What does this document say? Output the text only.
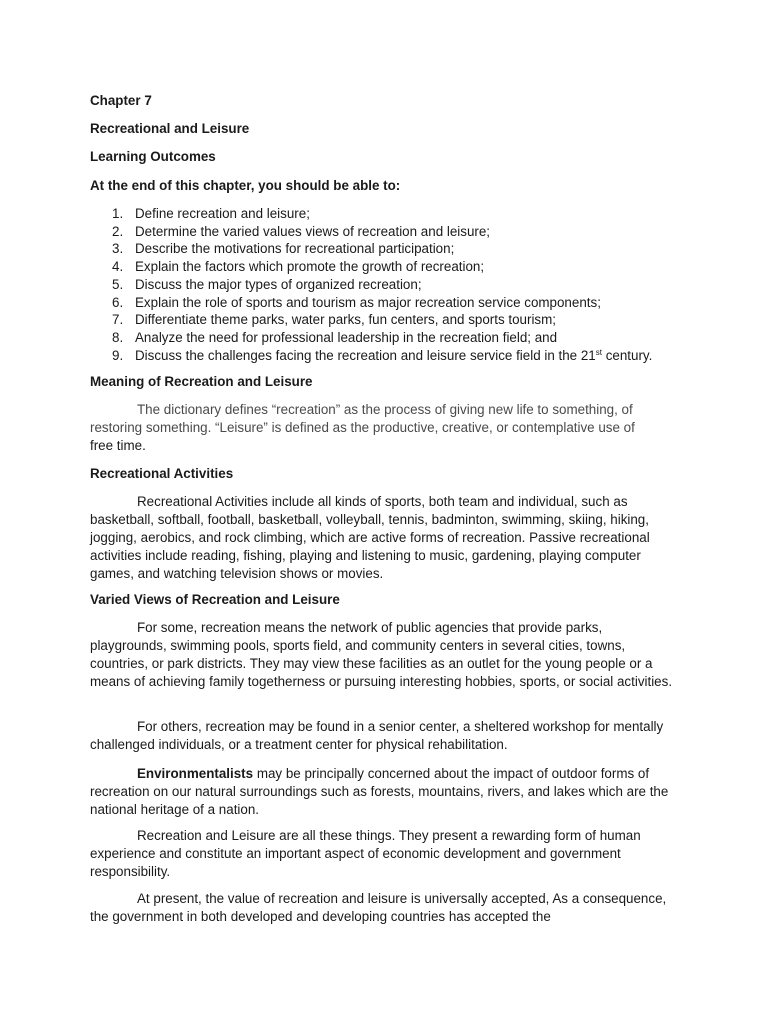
Chapter 7

Recreational and Leisure

Learning Outcomes

At the end of this chapter, you should be able to:

1. Define recreation and leisure;
2. Determine the varied values views of recreation and leisure;
3. Describe the motivations for recreational participation;
4. Explain the factors which promote the growth of recreation;
5. Discuss the major types of organized recreation;
6. Explain the role of sports and tourism as major recreation service components;
7. Differentiate theme parks, water parks, fun centers, and sports tourism;
8. Analyze the need for professional leadership in the recreation field; and
9. Discuss the challenges facing the recreation and leisure service field in the 21st century.

Meaning of Recreation and Leisure

The dictionary defines “recreation” as the process of giving new life to something, of restoring something. “Leisure” is defined as the productive, creative, or contemplative use of

free time.

Recreational Activities

Recreational Activities include all kinds of sports, both team and individual, such as basketball, softball, football, basketball, volleyball, tennis, badminton, swimming, skiing, hiking, jogging, aerobics, and rock climbing, which are active forms of recreation. Passive recreational activities include reading, fishing, playing and listening to music, gardening, playing computer games, and watching television shows or movies.

Varied Views of Recreation and Leisure

For some, recreation means the network of public agencies that provide parks, playgrounds, swimming pools, sports field, and community centers in several cities, towns, countries, or park districts. They may view these facilities as an outlet for the young people or a means of achieving family togetherness or pursuing interesting hobbies, sports, or social activities.

For others, recreation may be found in a senior center, a sheltered workshop for mentally challenged individuals, or a treatment center for physical rehabilitation.

Environmentalists may be principally concerned about the impact of outdoor forms of recreation on our natural surroundings such as forests, mountains, rivers, and lakes which are the national heritage of a nation.

Recreation and Leisure are all these things. They present a rewarding form of human experience and constitute an important aspect of economic development and government responsibility.

At present, the value of recreation and leisure is universally accepted, As a consequence, the government in both developed and developing countries has accepted the
